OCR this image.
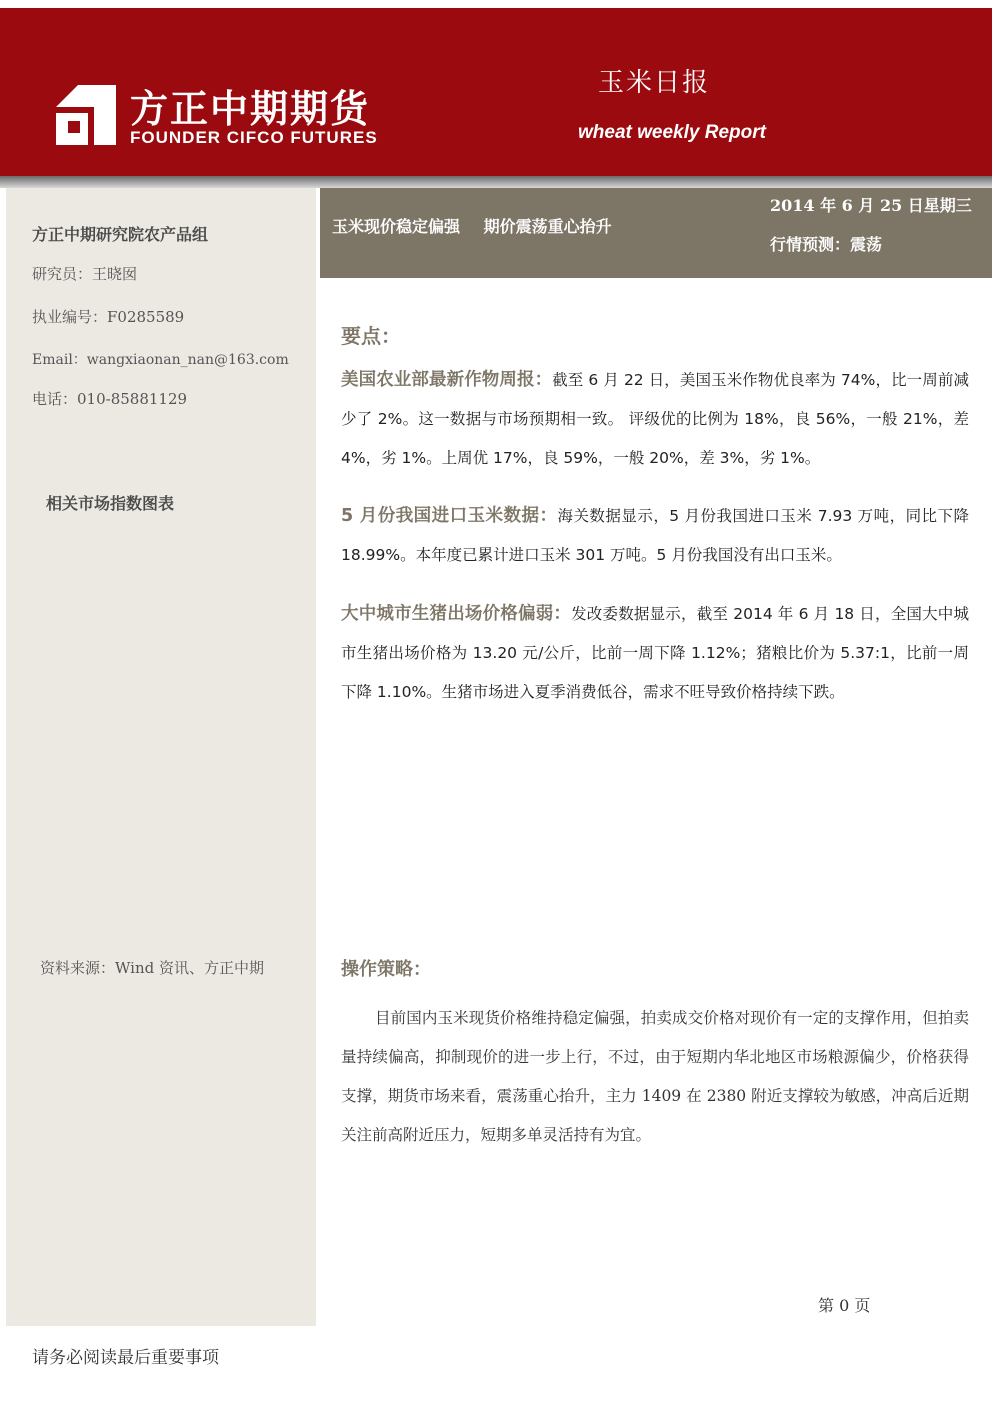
方正中期期货
FOUNDER CIFCO FUTURES
玉米日报
wheat weekly Report
方正中期研究院农产品组
研究员：王晓囡
执业编号：F0285589
Email：wangxiaonan_nan@163.com
电话：010-85881129
相关市场指数图表
资料来源：Wind 资讯、方正中期
玉米现价稳定偏强 期价震荡重心抬升
2014 年 6 月 25 日星期三
行情预测：震荡
要点：
美国农业部最新作物周报：截至 6 月 22 日，美国玉米作物优良率为 74%，比一周前减少了 2%。这一数据与市场预期相一致。 评级优的比例为 18%，良 56%，一般 21%，差 4%，劣 1%。上周优 17%，良 59%，一般 20%，差 3%，劣 1%。
5 月份我国进口玉米数据：海关数据显示，5 月份我国进口玉米 7.93 万吨，同比下降 18.99%。本年度已累计进口玉米 301 万吨。5 月份我国没有出口玉米。
大中城市生猪出场价格偏弱：发改委数据显示，截至 2014 年 6 月 18 日，全国大中城市生猪出场价格为 13.20 元/公斤，比前一周下降 1.12%；猪粮比价为 5.37:1，比前一周下降 1.10%。生猪市场进入夏季消费低谷，需求不旺导致价格持续下跌。
操作策略：
目前国内玉米现货价格维持稳定偏强，拍卖成交价格对现价有一定的支撑作用，但拍卖量持续偏高，抑制现价的进一步上行，不过，由于短期内华北地区市场粮源偏少，价格获得支撑，期货市场来看，震荡重心抬升，主力 1409 在 2380 附近支撑较为敏感，冲高后近期关注前高附近压力，短期多单灵活持有为宜。
第 0 页
请务必阅读最后重要事项
